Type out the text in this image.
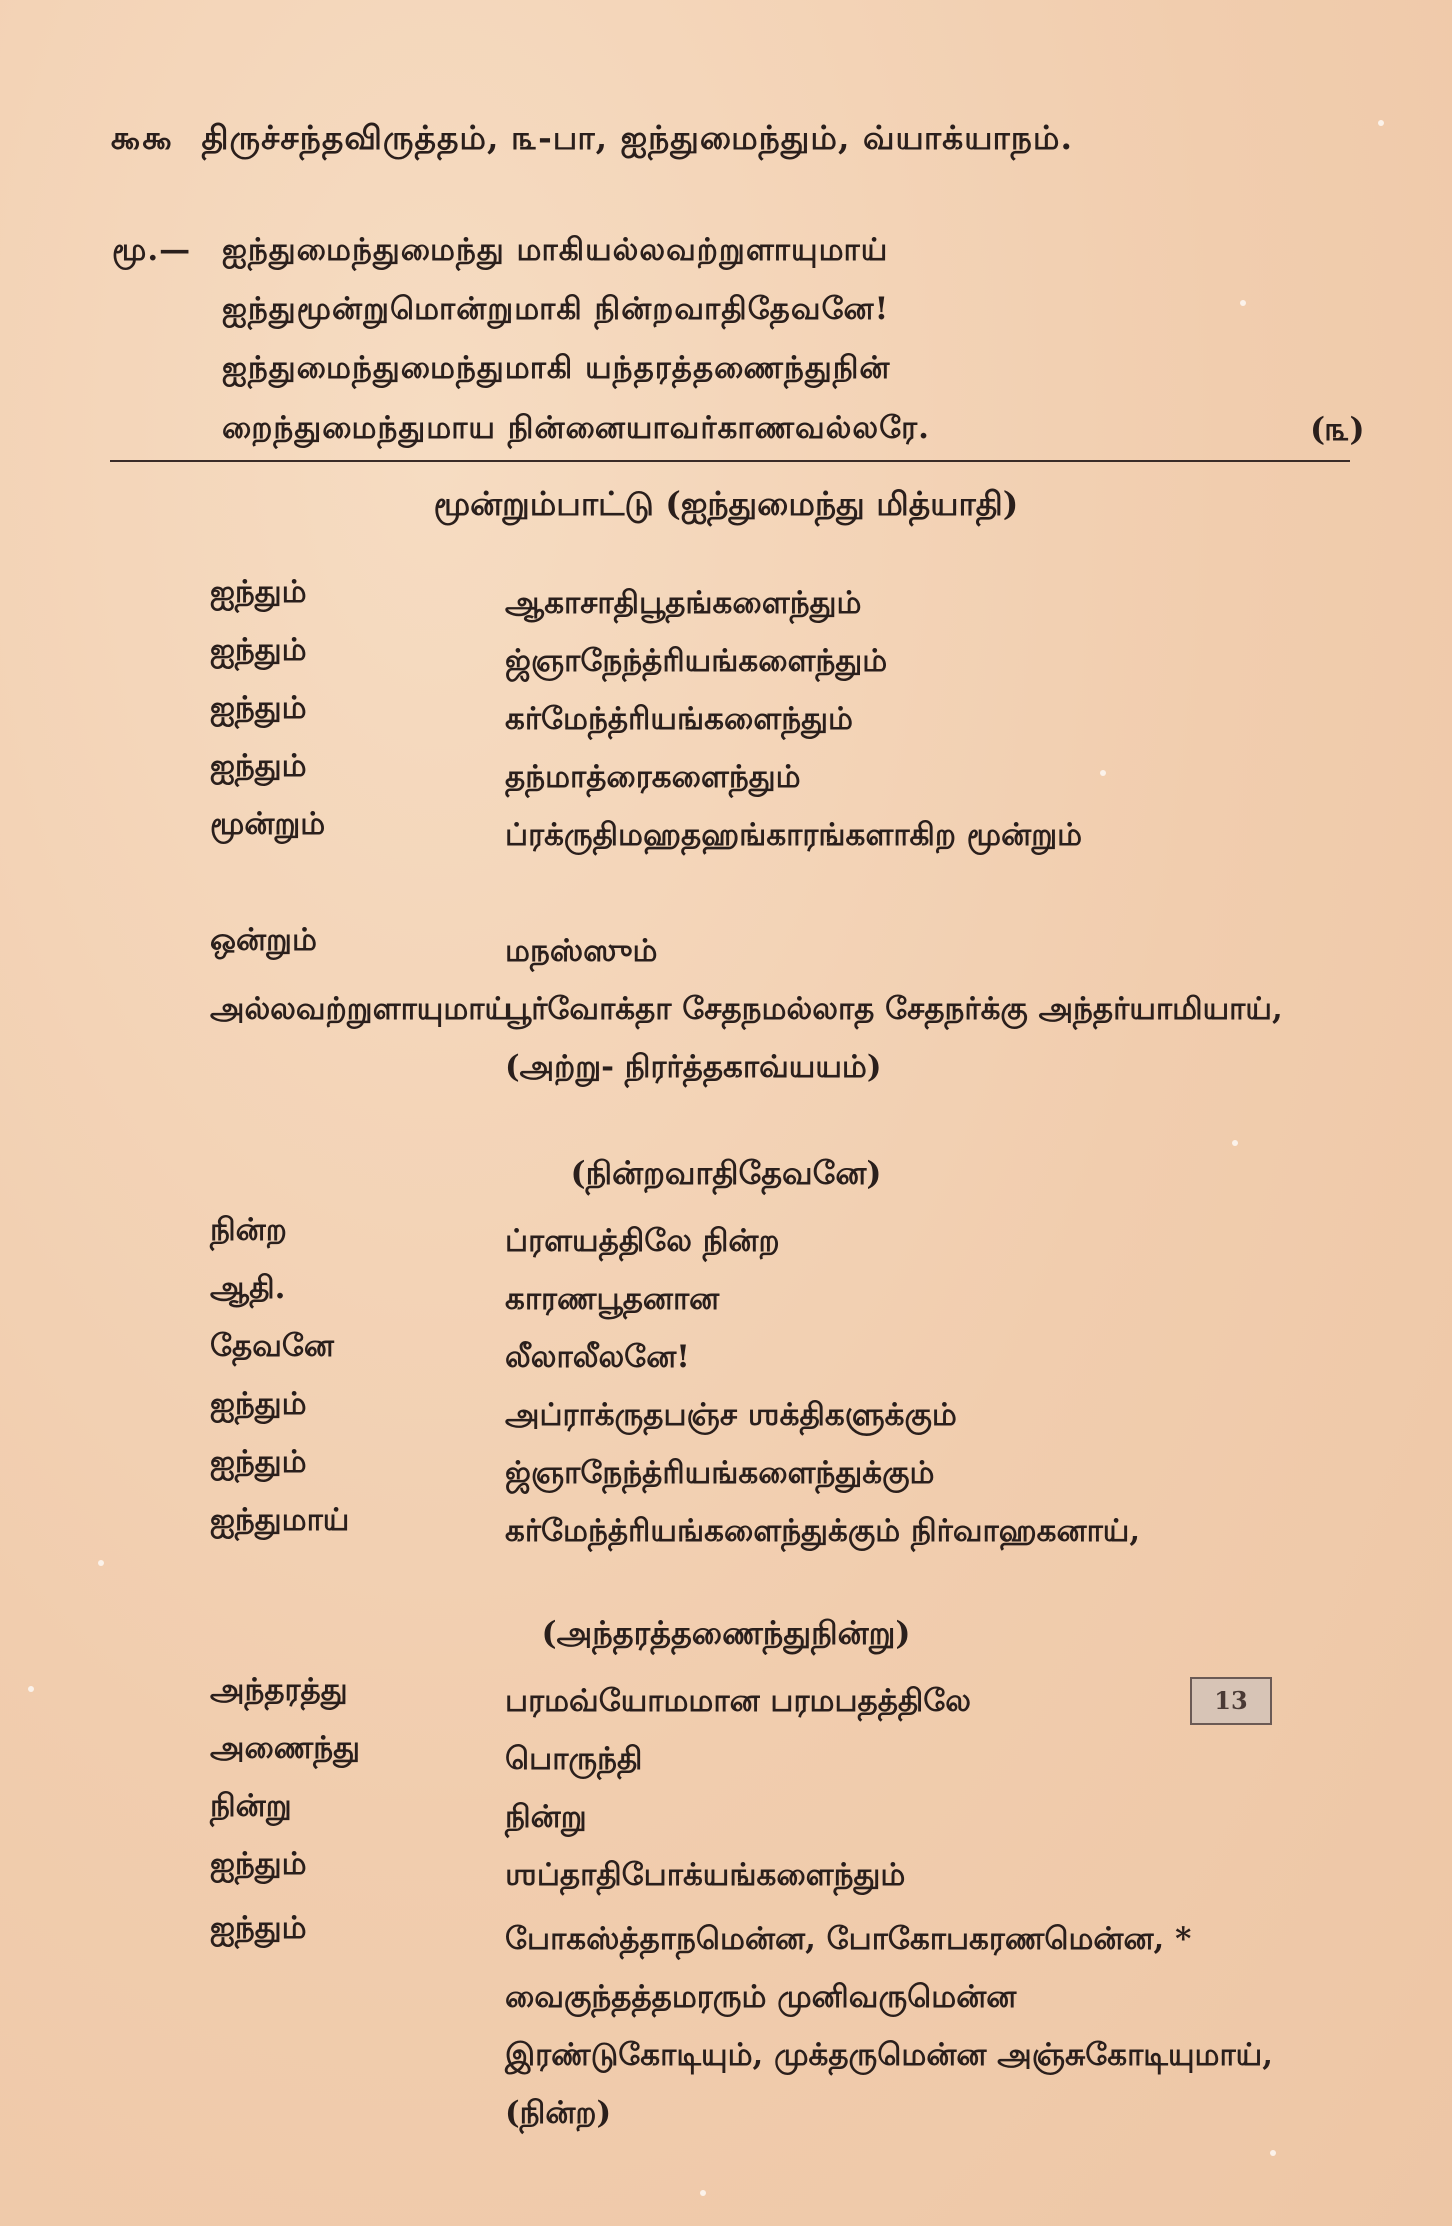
௯௯ திருச்சந்தவிருத்தம், ௩-பா, ஐந்துமைந்தும், வ்யாக்யாநம்.
மூ.— ஐந்துமைந்துமைந்து மாகியல்லவற்றுளாயுமாய்
ஐந்துமூன்றுமொன்றுமாகி நின்றவாதிதேவனே!
ஐந்துமைந்துமைந்துமாகி யந்தரத்தணைந்துநின்
றைந்துமைந்துமாய நின்னையாவர்காணவல்லரே.	(௩)
மூன்றும்பாட்டு (ஐந்துமைந்து மித்யாதி)
ஐந்தும்	ஆகாசாதிபூதங்களைந்தும்
ஐந்தும்	ஜ்ஞாநேந்த்ரியங்களைந்தும்
ஐந்தும்	கர்மேந்த்ரியங்களைந்தும்
ஐந்தும்	தந்மாத்ரைகளைந்தும்
மூன்றும்	ப்ரக்ருதிமஹதஹங்காரங்களாகிற மூன்றும்
ஒன்றும்	மநஸ்ஸும்
அல்லவற்றுளாயுமாய்
பூர்வோக்தா சேதநமல்லாத சேதநர்க்கு அந்தர்யாமியாய், (அற்று- நிரர்த்தகாவ்யயம்)
(நின்றவாதிதேவனே)
நின்ற	ப்ரளயத்திலே நின்ற
ஆதி.	காரணபூதனான
தேவனே	லீலாலீலனே!
ஐந்தும்	அப்ராக்ருதபஞ்ச ஶக்திகளுக்கும்
ஐந்தும்	ஜ்ஞாநேந்த்ரியங்களைந்துக்கும்
ஐந்துமாய்	கர்மேந்த்ரியங்களைந்துக்கும் நிர்வாஹகனாய்,
(அந்தரத்தணைந்துநின்று)
அந்தரத்து	பரமவ்யோமமான பரமபதத்திலே
அணைந்து	பொருந்தி
நின்று	நின்று
ஐந்தும்	ஶப்தாதிபோக்யங்களைந்தும்
ஐந்தும்	போகஸ்த்தாநமென்ன, போகோபகரணமென்ன, * வைகுந்தத்தமரரும் முனிவருமென்ன இரண்டுகோடியும், முக்தருமென்ன அஞ்சுகோடியுமாய், (நின்ற)
13
